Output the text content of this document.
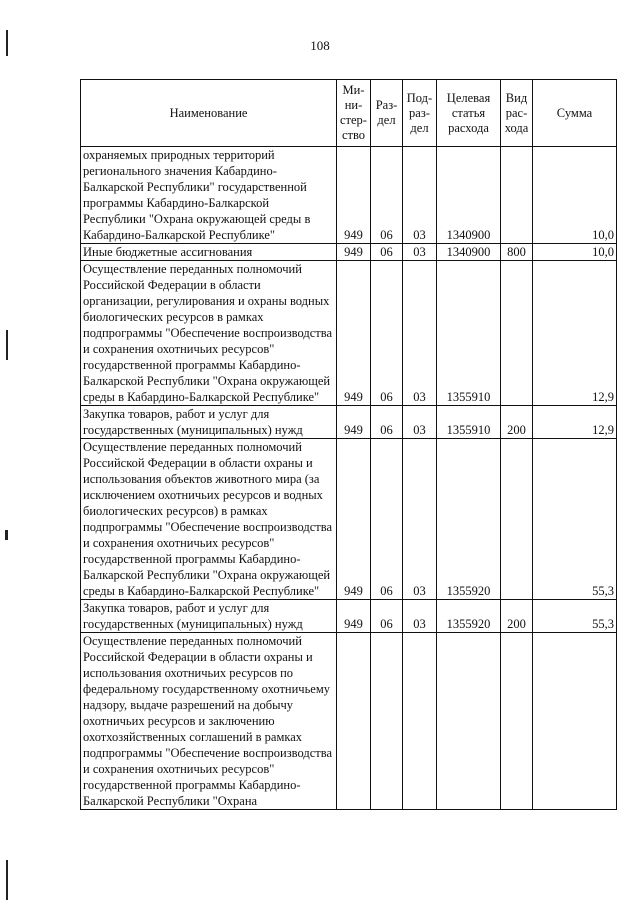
108
Наименование	Ми-
ни-
стер-
ство	Раз-
дел	Под-
раз-
дел	Целевая
статья
расхода	Вид
рас-
хода	Сумма
охраняемых природных территорий регионального значения Кабардино-Балкарской Республики" государственной программы Кабардино-Балкарской Республики "Охрана окружающей среды в Кабардино-Балкарской Республике"	949	06	03	1340900		10,0
Иные бюджетные ассигнования	949	06	03	1340900	800	10,0
Осуществление переданных полномочий Российской Федерации в области организации, регулирования и охраны водных биологических ресурсов в рамках подпрограммы "Обеспечение воспроизводства и сохранения охотничьих ресурсов" государственной программы Кабардино-Балкарской Республики "Охрана окружающей среды в Кабардино-Балкарской Республике"	949	06	03	1355910		12,9
Закупка товаров, работ и услуг для государственных (муниципальных) нужд	949	06	03	1355910	200	12,9
Осуществление переданных полномочий Российской Федерации в области охраны и использования объектов животного мира (за исключением охотничьих ресурсов и водных биологических ресурсов) в рамках подпрограммы "Обеспечение воспроизводства и сохранения охотничьих ресурсов" государственной программы Кабардино-Балкарской Республики "Охрана окружающей среды в Кабардино-Балкарской Республике"	949	06	03	1355920		55,3
Закупка товаров, работ и услуг для государственных (муниципальных) нужд	949	06	03	1355920	200	55,3
Осуществление переданных полномочий Российской Федерации в области охраны и использования охотничьих ресурсов по федеральному государственному охотничьему надзору, выдаче разрешений на добычу охотничьих ресурсов и заключению охотхозяйственных соглашений в рамках подпрограммы "Обеспечение воспроизводства и сохранения охотничьих ресурсов" государственной программы Кабардино-Балкарской Республики "Охрана						
